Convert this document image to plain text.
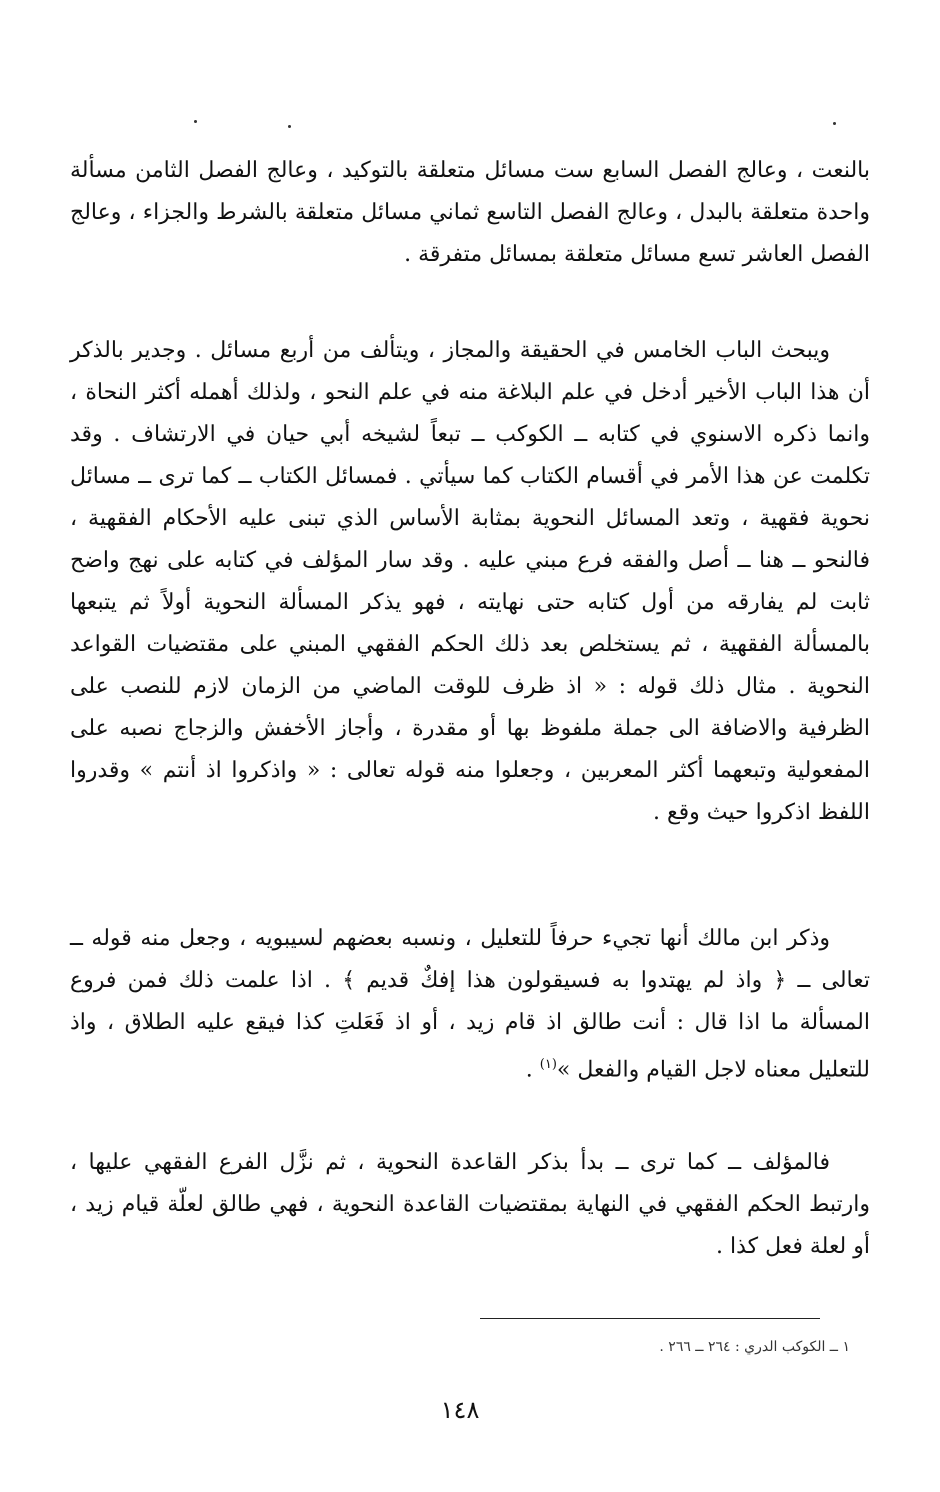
بالنعت ، وعالج الفصل السابع ست مسائل متعلقة بالتوكيد ، وعالج الفصل الثامن مسألة واحدة متعلقة بالبدل ، وعالج الفصل التاسع ثماني مسائل متعلقة بالشرط والجزاء ، وعالج الفصل العاشر تسع مسائل متعلقة بمسائل متفرقة .

ويبحث الباب الخامس في الحقيقة والمجاز ، ويتألف من أربع مسائل . وجدير بالذكر أن هذا الباب الأخير أدخل في علم البلاغة منه في علم النحو ، ولذلك أهمله أكثر النحاة ، وانما ذكره الاسنوي في كتابه ــ الكوكب ــ تبعاً لشيخه أبي حيان في الارتشاف . وقد تكلمت عن هذا الأمر في أقسام الكتاب كما سيأتي . فمسائل الكتاب ــ كما ترى ــ مسائل نحوية فقهية ، وتعد المسائل النحوية بمثابة الأساس الذي تبنى عليه الأحكام الفقهية ، فالنحو ــ هنا ــ أصل والفقه فرع مبني عليه . وقد سار المؤلف في كتابه على نهج واضح ثابت لم يفارقه من أول كتابه حتى نهايته ، فهو يذكر المسألة النحوية أولاً ثم يتبعها بالمسألة الفقهية ، ثم يستخلص بعد ذلك الحكم الفقهي المبني على مقتضيات القواعد النحوية . مثال ذلك قوله : « اذ ظرف للوقت الماضي من الزمان لازم للنصب على الظرفية والاضافة الى جملة ملفوظ بها أو مقدرة ، وأجاز الأخفش والزجاج نصبه على المفعولية وتبعهما أكثر المعربين ، وجعلوا منه قوله تعالى : « واذكروا اذ أنتم » وقدروا اللفظ اذكروا حيث وقع .

وذكر ابن مالك أنها تجيء حرفاً للتعليل ، ونسبه بعضهم لسيبويه ، وجعل منه قوله ــ تعالى ــ ﴿ واذ لم يهتدوا به فسيقولون هذا إفكٌ قديم ﴾ . اذا علمت ذلك فمن فروع المسألة ما اذا قال : أنت طالق اذ قام زيد ، أو اذ فَعَلتِ كذا فيقع عليه الطلاق ، واذ للتعليل معناه لاجل القيام والفعل »$^{(١)}$ .

فالمؤلف ــ كما ترى ــ بدأ بذكر القاعدة النحوية ، ثم نزَّل الفرع الفقهي عليها ، وارتبط الحكم الفقهي في النهاية بمقتضيات القاعدة النحوية ، فهي طالق لعلّة قيام زيد ، أو لعلة فعل كذا .

١ ــ الكوكب الدري : ٢٦٤ ــ ٢٦٦ .
١٤٨
